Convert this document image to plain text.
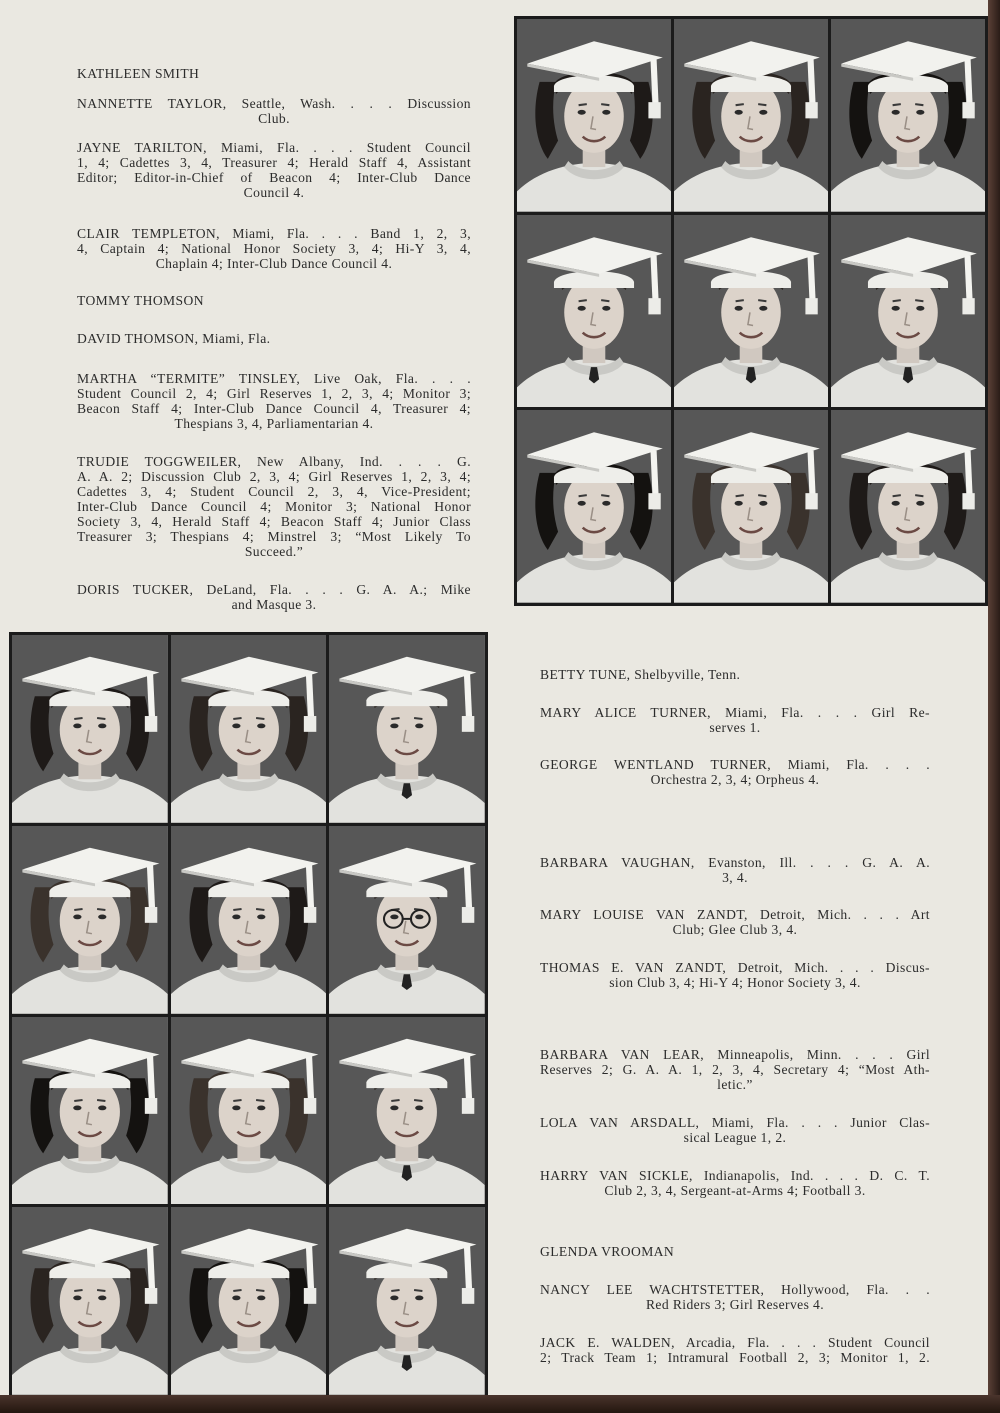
KATHLEEN SMITH
NANNETTE TAYLOR, Seattle, Wash. . . . Discussion
Club.
JAYNE TARILTON, Miami, Fla. . . . Student Council
1, 4; Cadettes 3, 4, Treasurer 4; Herald Staff 4, Assistant
Editor; Editor-in-Chief of Beacon 4; Inter-Club Dance
Council 4.
CLAIR TEMPLETON, Miami, Fla. . . . Band 1, 2, 3,
4, Captain 4; National Honor Society 3, 4; Hi-Y 3, 4,
Chaplain 4; Inter-Club Dance Council 4.
TOMMY THOMSON
DAVID THOMSON, Miami, Fla.
MARTHA “TERMITE” TINSLEY, Live Oak, Fla. . . .
Student Council 2, 4; Girl Reserves 1, 2, 3, 4; Monitor 3;
Beacon Staff 4; Inter-Club Dance Council 4, Treasurer 4;
Thespians 3, 4, Parliamentarian 4.
TRUDIE TOGGWEILER, New Albany, Ind. . . . G.
A. A. 2; Discussion Club 2, 3, 4; Girl Reserves 1, 2, 3, 4;
Cadettes 3, 4; Student Council 2, 3, 4, Vice-President;
Inter-Club Dance Council 4; Monitor 3; National Honor
Society 3, 4, Herald Staff 4; Beacon Staff 4; Junior Class
Treasurer 3; Thespians 4; Minstrel 3; “Most Likely To
Succeed.”
DORIS TUCKER, DeLand, Fla. . . . G. A. A.; Mike
and Masque 3.
BETTY TUNE, Shelbyville, Tenn.
MARY ALICE TURNER, Miami, Fla. . . . Girl Re-
serves 1.
GEORGE WENTLAND TURNER, Miami, Fla. . . .
Orchestra 2, 3, 4; Orpheus 4.
BARBARA VAUGHAN, Evanston, Ill. . . . G. A. A.
3, 4.
MARY LOUISE VAN ZANDT, Detroit, Mich. . . . Art
Club; Glee Club 3, 4.
THOMAS E. VAN ZANDT, Detroit, Mich. . . . Discus-
sion Club 3, 4; Hi-Y 4; Honor Society 3, 4.
BARBARA VAN LEAR, Minneapolis, Minn. . . . Girl
Reserves 2; G. A. A. 1, 2, 3, 4, Secretary 4; “Most Ath-
letic.”
LOLA VAN ARSDALL, Miami, Fla. . . . Junior Clas-
sical League 1, 2.
HARRY VAN SICKLE, Indianapolis, Ind. . . . D. C. T.
Club 2, 3, 4, Sergeant-at-Arms 4; Football 3.
GLENDA VROOMAN
NANCY LEE WACHTSTETTER, Hollywood, Fla. . .
Red Riders 3; Girl Reserves 4.
JACK E. WALDEN, Arcadia, Fla. . . . Student Council
2; Track Team 1; Intramural Football 2, 3; Monitor 1, 2.
